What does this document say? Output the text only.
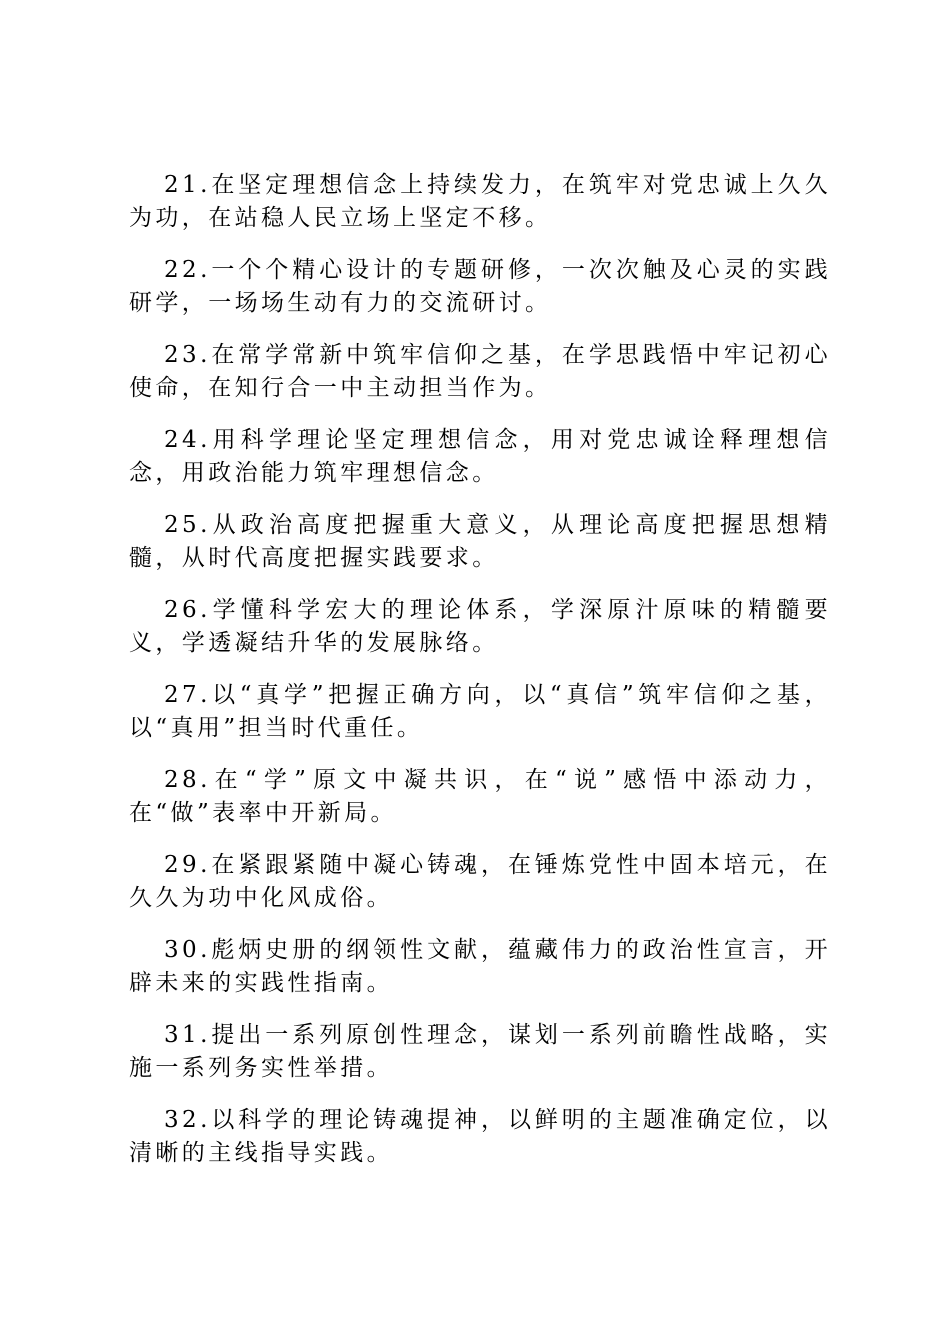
21.在坚定理想信念上持续发力，在筑牢对党忠诚上久久为功，在站稳人民立场上坚定不移。

22.一个个精心设计的专题研修，一次次触及心灵的实践研学，一场场生动有力的交流研讨。

23.在常学常新中筑牢信仰之基，在学思践悟中牢记初心使命，在知行合一中主动担当作为。

24.用科学理论坚定理想信念，用对党忠诚诠释理想信念，用政治能力筑牢理想信念。

25.从政治高度把握重大意义，从理论高度把握思想精髓，从时代高度把握实践要求。

26.学懂科学宏大的理论体系，学深原汁原味的精髓要义，学透凝结升华的发展脉络。

27.以“真学”把握正确方向，以“真信”筑牢信仰之基，以“真用”担当时代重任。

28.在“学”原文中凝共识，在“说”感悟中添动力，在“做”表率中开新局。

29.在紧跟紧随中凝心铸魂，在锤炼党性中固本培元，在久久为功中化风成俗。

30.彪炳史册的纲领性文献，蕴藏伟力的政治性宣言，开辟未来的实践性指南。

31.提出一系列原创性理念，谋划一系列前瞻性战略，实施一系列务实性举措。

32.以科学的理论铸魂提神，以鲜明的主题准确定位，以清晰的主线指导实践。
